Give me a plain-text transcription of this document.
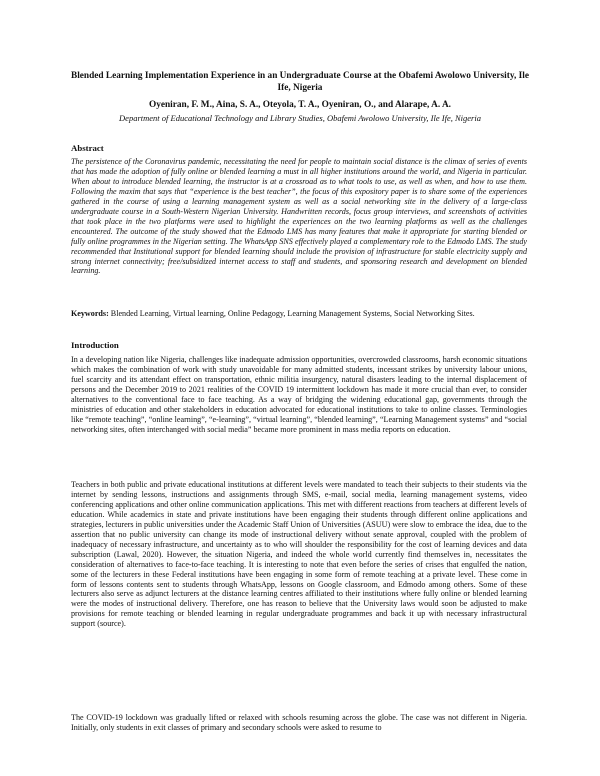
Blended Learning Implementation Experience in an Undergraduate Course at the Obafemi Awolowo University, Ile Ife, Nigeria
Oyeniran, F. M., Aina, S. A., Oteyola, T. A., Oyeniran, O., and Alarape, A. A.
Department of Educational Technology and Library Studies, Obafemi Awolowo University, Ile Ife, Nigeria
Abstract
The persistence of the Coronavirus pandemic, necessitating the need for people to maintain social distance is the climax of series of events that has made the adoption of fully online or blended learning a must in all higher institutions around the world, and Nigeria in particular. When about to introduce blended learning, the instructor is at a crossroad as to what tools to use, as well as when, and how to use them. Following the maxim that says that “experience is the best teacher”, the focus of this expository paper is to share some of the experiences gathered in the course of using a learning management system as well as a social networking site in the delivery of a large-class undergraduate course in a South-Western Nigerian University. Handwritten records, focus group interviews, and screenshots of activities that took place in the two platforms were used to highlight the experiences on the two learning platforms as well as the challenges encountered. The outcome of the study showed that the Edmodo LMS has many features that make it appropriate for starting blended or fully online programmes in the Nigerian setting. The WhatsApp SNS effectively played a complementary role to the Edmodo LMS. The study recommended that Institutional support for blended learning should include the provision of infrastructure for stable electricity supply and strong internet connectivity; free/subsidized internet access to staff and students, and sponsoring research and development on blended learning.
Keywords: Blended Learning, Virtual learning, Online Pedagogy, Learning Management Systems, Social Networking Sites.
Introduction
In a developing nation like Nigeria, challenges like inadequate admission opportunities, overcrowded classrooms, harsh economic situations which makes the combination of work with study unavoidable for many admitted students, incessant strikes by university labour unions, fuel scarcity and its attendant effect on transportation, ethnic militia insurgency, natural disasters leading to the internal displacement of persons and the December 2019 to 2021 realities of the COVID 19 intermittent lockdown has made it more crucial than ever, to consider alternatives to the conventional face to face teaching. As a way of bridging the widening educational gap, governments through the ministries of education and other stakeholders in education advocated for educational institutions to take to online classes. Terminologies like “remote teaching”, “online learning”, “e-learning”, “virtual learning”, “blended learning”, “Learning Management systems” and “social networking sites, often interchanged with social media” became more prominent in mass media reports on education.
Teachers in both public and private educational institutions at different levels were mandated to teach their subjects to their students via the internet by sending lessons, instructions and assignments through SMS, e-mail, social media, learning management systems, video conferencing applications and other online communication applications. This met with different reactions from teachers at different levels of education. While academics in state and private institutions have been engaging their students through different online applications and strategies, lecturers in public universities under the Academic Staff Union of Universities (ASUU) were slow to embrace the idea, due to the assertion that no public university can change its mode of instructional delivery without senate approval, coupled with the problem of inadequacy of necessary infrastructure, and uncertainty as to who will shoulder the responsibility for the cost of learning devices and data subscription (Lawal, 2020). However, the situation Nigeria, and indeed the whole world currently find themselves in, necessitates the consideration of alternatives to face-to-face teaching. It is interesting to note that even before the series of crises that engulfed the nation, some of the lecturers in these Federal institutions have been engaging in some form of remote teaching at a private level. These come in form of lessons contents sent to students through WhatsApp, lessons on Google classroom, and Edmodo among others. Some of these lecturers also serve as adjunct lecturers at the distance learning centres affiliated to their institutions where fully online or blended learning were the modes of instructional delivery. Therefore, one has reason to believe that the University laws would soon be adjusted to make provisions for remote teaching or blended learning in regular undergraduate programmes and back it up with necessary infrastructural support (source).
The COVID-19 lockdown was gradually lifted or relaxed with schools resuming across the globe. The case was not different in Nigeria. Initially, only students in exit classes of primary and secondary schools were asked to resume to
